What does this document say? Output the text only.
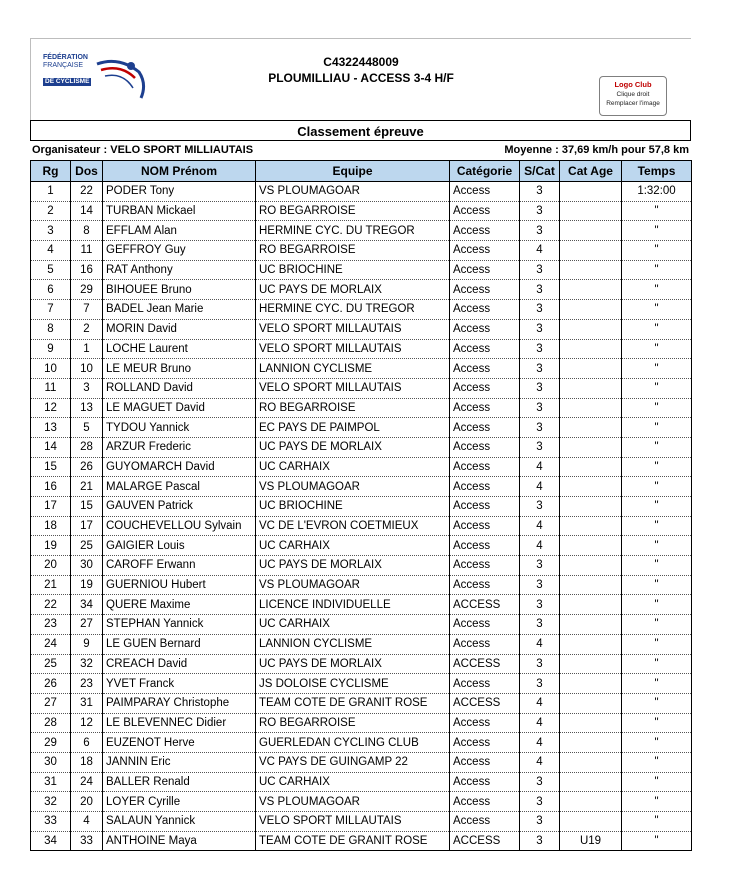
FÉDÉRATION
FRANÇAISE
DE CYCLISME
C4322448009
PLOUMILLIAU - ACCESS 3-4 H/F	Logo Club
Clique droit
Remplacer l'image
Classement épreuve
Organisateur : VELO SPORT MILLIAUTAIS	Moyenne : 37,69 km/h pour 57,8 km
Rg	Dos	NOM Prénom	Equipe	Catégorie	S/Cat	Cat Age	Temps
1	22	PODER Tony	VS PLOUMAGOAR	Access	3		1:32:00
2	14	TURBAN Mickael	RO BEGARROISE	Access	3		"
3	8	EFFLAM Alan	HERMINE CYC. DU TREGOR	Access	3		"
4	11	GEFFROY Guy	RO BEGARROISE	Access	4		"
5	16	RAT Anthony	UC BRIOCHINE	Access	3		"
6	29	BIHOUEE Bruno	UC PAYS DE MORLAIX	Access	3		"
7	7	BADEL Jean Marie	HERMINE CYC. DU TREGOR	Access	3		"
8	2	MORIN David	VELO SPORT MILLAUTAIS	Access	3		"
9	1	LOCHE Laurent	VELO SPORT MILLAUTAIS	Access	3		"
10	10	LE MEUR Bruno	LANNION CYCLISME	Access	3		"
11	3	ROLLAND David	VELO SPORT MILLAUTAIS	Access	3		"
12	13	LE MAGUET David	RO BEGARROISE	Access	3		"
13	5	TYDOU Yannick	EC PAYS DE PAIMPOL	Access	3		"
14	28	ARZUR Frederic	UC PAYS DE MORLAIX	Access	3		"
15	26	GUYOMARCH David	UC CARHAIX	Access	4		"
16	21	MALARGE Pascal	VS PLOUMAGOAR	Access	4		"
17	15	GAUVEN Patrick	UC BRIOCHINE	Access	3		"
18	17	COUCHEVELLOU Sylvain	VC DE L'EVRON COETMIEUX	Access	4		"
19	25	GAIGIER Louis	UC CARHAIX	Access	4		"
20	30	CAROFF Erwann	UC PAYS DE MORLAIX	Access	3		"
21	19	GUERNIOU Hubert	VS PLOUMAGOAR	Access	3		"
22	34	QUERE Maxime	LICENCE INDIVIDUELLE	ACCESS	3		"
23	27	STEPHAN Yannick	UC CARHAIX	Access	3		"
24	9	LE GUEN Bernard	LANNION CYCLISME	Access	4		"
25	32	CREACH David	UC PAYS DE MORLAIX	ACCESS	3		"
26	23	YVET Franck	JS DOLOISE CYCLISME	Access	3		"
27	31	PAIMPARAY Christophe	TEAM COTE DE GRANIT ROSE	ACCESS	4		"
28	12	LE BLEVENNEC Didier	RO BEGARROISE	Access	4		"
29	6	EUZENOT Herve	GUERLEDAN CYCLING CLUB	Access	4		"
30	18	JANNIN Eric	VC PAYS DE GUINGAMP 22	Access	4		"
31	24	BALLER Renald	UC CARHAIX	Access	3		"
32	20	LOYER Cyrille	VS PLOUMAGOAR	Access	3		"
33	4	SALAUN Yannick	VELO SPORT MILLAUTAIS	Access	3		"
34	33	ANTHOINE Maya	TEAM COTE DE GRANIT ROSE	ACCESS	3	U19	"
